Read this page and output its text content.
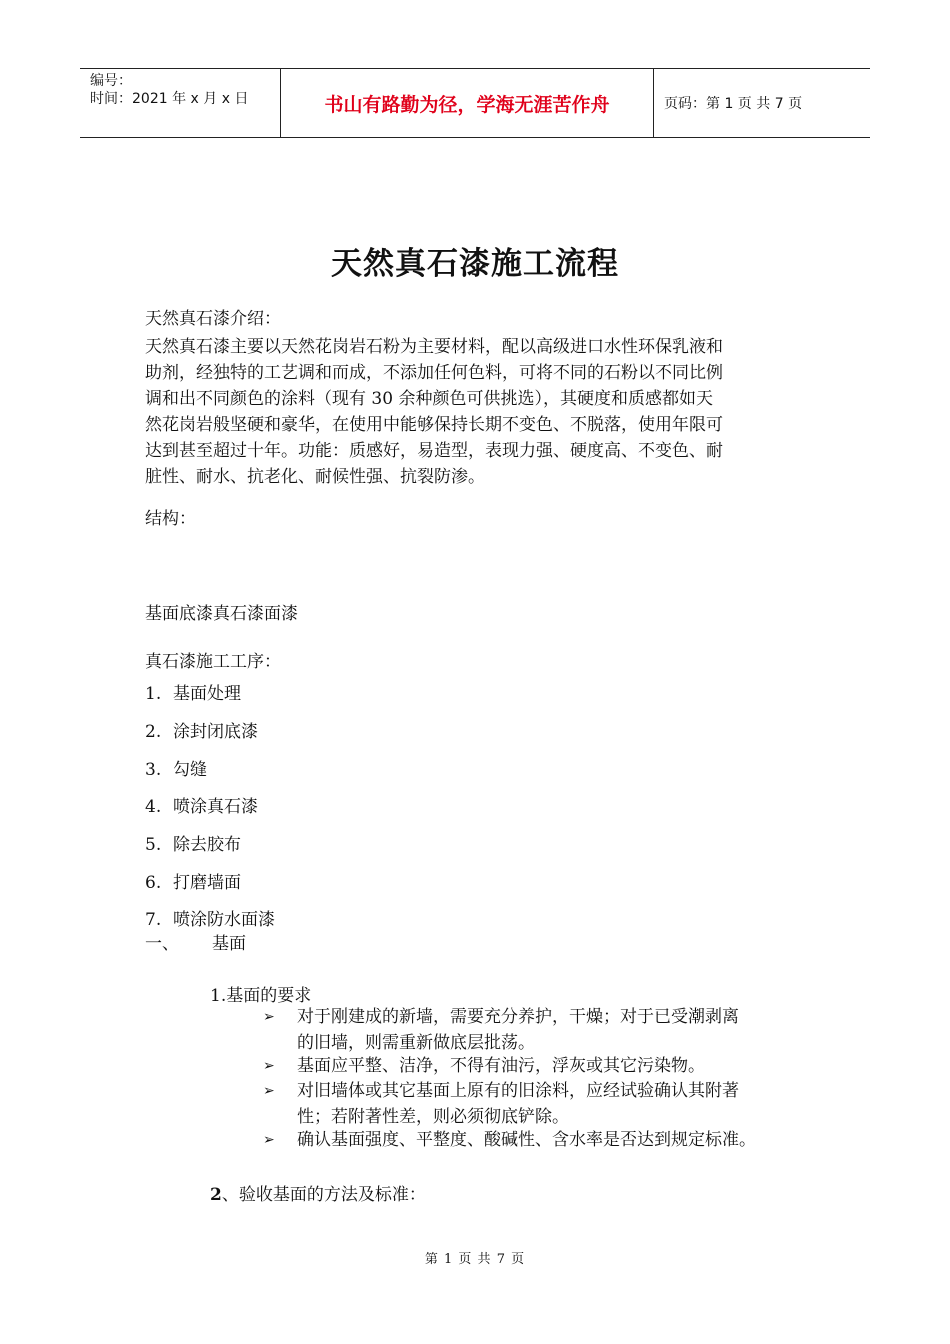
编号：
时间：2021 年 x 月 x 日	书山有路勤为径，学海无涯苦作舟	页码：第 1 页 共 7 页
天然真石漆施工流程
天然真石漆介绍：
天然真石漆主要以天然花岗岩石粉为主要材料，配以高级进口水性环保乳液和
助剂，经独特的工艺调和而成，不添加任何色料，可将不同的石粉以不同比例
调和出不同颜色的涂料（现有 30 余种颜色可供挑选），其硬度和质感都如天
然花岗岩般坚硬和豪华，在使用中能够保持长期不变色、不脱落，使用年限可
达到甚至超过十年。功能：质感好，易造型，表现力强、硬度高、不变色、耐
脏性、耐水、抗老化、耐候性强、抗裂防渗。
结构：
基面底漆真石漆面漆
真石漆施工工序：
1. 基面处理
2. 涂封闭底漆
3. 勾缝
4. 喷涂真石漆
5. 除去胶布
6. 打磨墙面
7. 喷涂防水面漆
一、 基面
1.基面的要求
➢	对于刚建成的新墙，需要充分养护，干燥；对于已受潮剥离
的旧墙，则需重新做底层批荡。
➢	基面应平整、洁净，不得有油污，浮灰或其它污染物。
➢	对旧墙体或其它基面上原有的旧涂料，应经试验确认其附著
性；若附著性差，则必须彻底铲除。
➢	确认基面强度、平整度、酸碱性、含水率是否达到规定标准。
2、验收基面的方法及标准：
第 1 页 共 7 页
